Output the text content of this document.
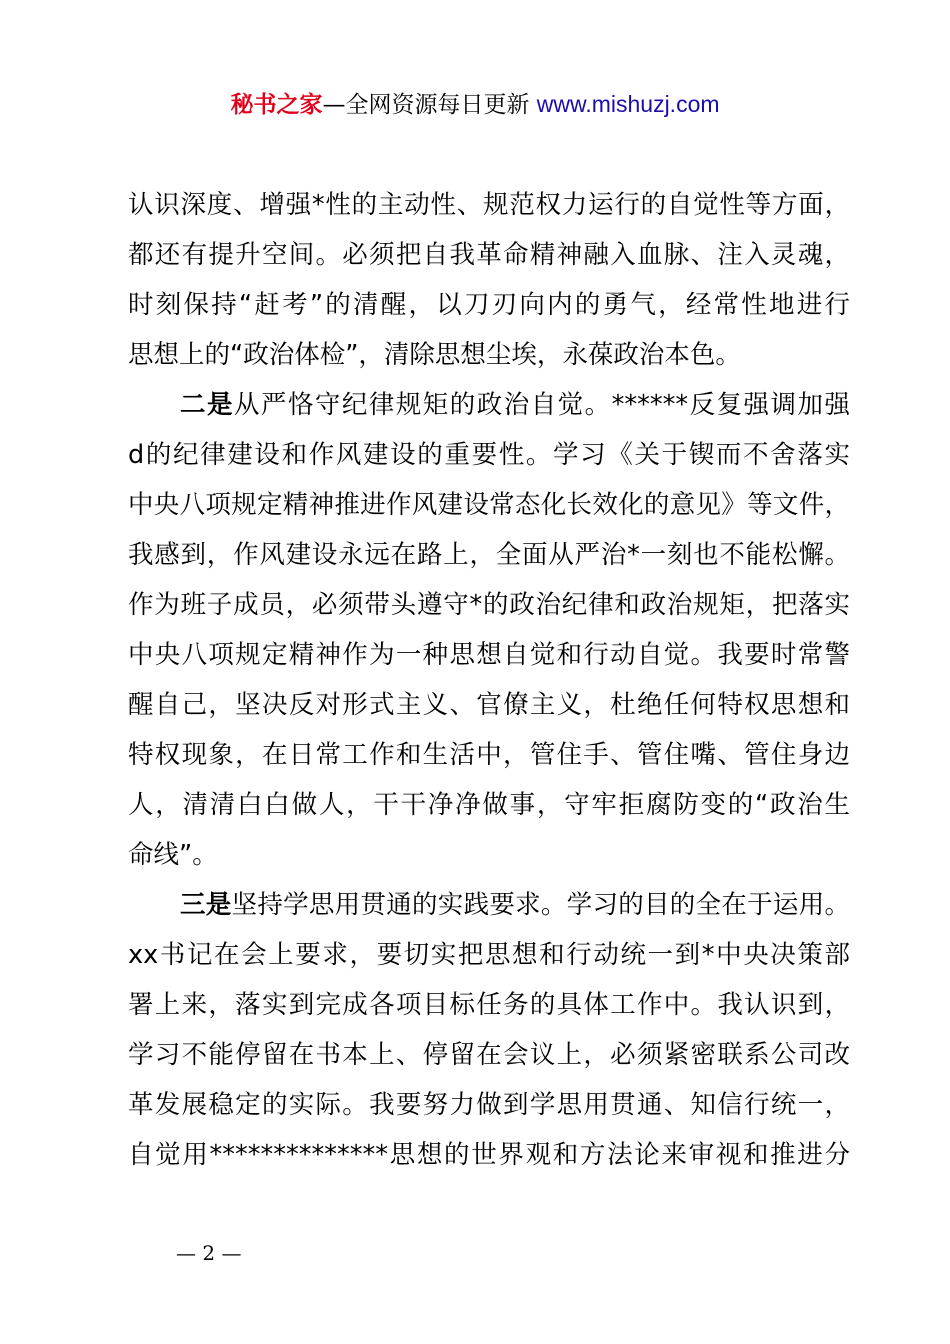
秘书之家—全网资源每日更新 www.mishuzj.com
认识深度、增强*性的主动性、规范权力运行的自觉性等方面，
都还有提升空间。必须把自我革命精神融入血脉、注入灵魂，
时刻保持“赶考”的清醒，以刀刃向内的勇气，经常性地进行
思想上的“政治体检”，清除思想尘埃，永葆政治本色。
二是从严恪守纪律规矩的政治自觉。******反复强调加强
d的纪律建设和作风建设的重要性。学习《关于锲而不舍落实
中央八项规定精神推进作风建设常态化长效化的意见》等文件，
我感到，作风建设永远在路上，全面从严治*一刻也不能松懈。
作为班子成员，必须带头遵守*的政治纪律和政治规矩，把落实
中央八项规定精神作为一种思想自觉和行动自觉。我要时常警
醒自己，坚决反对形式主义、官僚主义，杜绝任何特权思想和
特权现象，在日常工作和生活中，管住手、管住嘴、管住身边
人，清清白白做人，干干净净做事，守牢拒腐防变的“政治生
命线”。
三是坚持学思用贯通的实践要求。学习的目的全在于运用。
xx书记在会上要求，要切实把思想和行动统一到*中央决策部
署上来，落实到完成各项目标任务的具体工作中。我认识到，
学习不能停留在书本上、停留在会议上，必须紧密联系公司改
革发展稳定的实际。我要努力做到学思用贯通、知信行统一，
自觉用**************思想的世界观和方法论来审视和推进分
— 2 —
